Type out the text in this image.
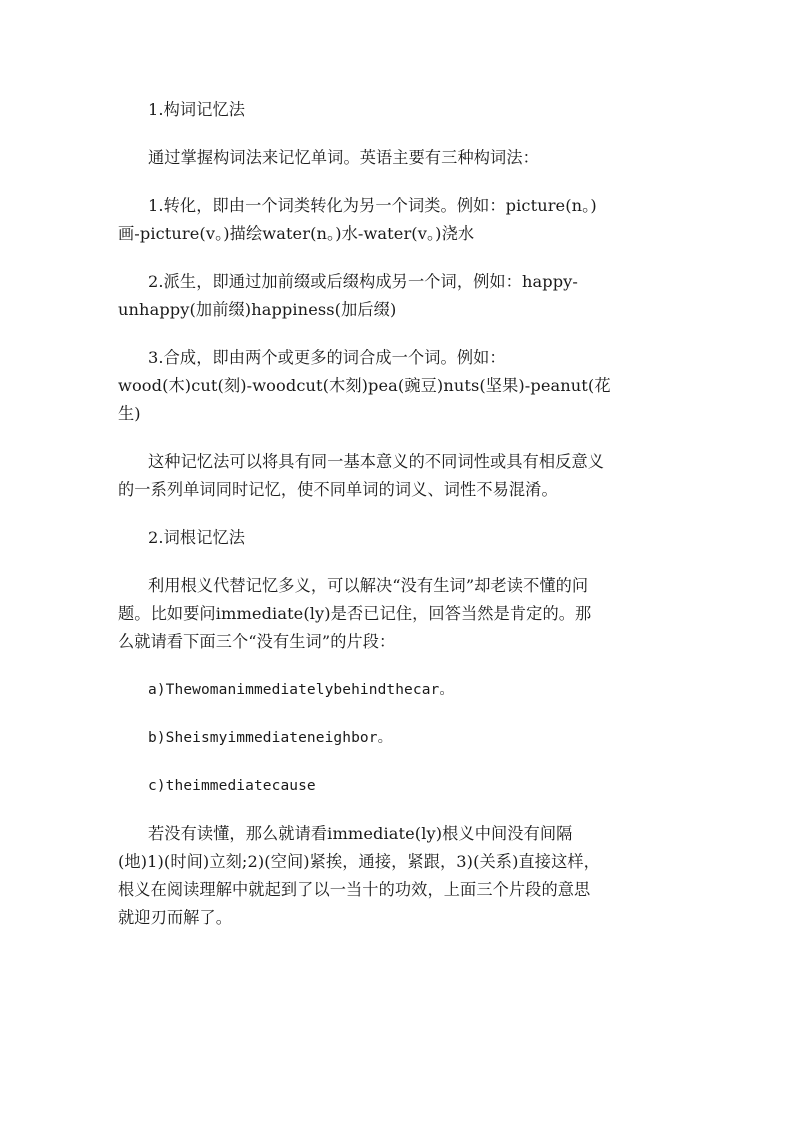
1.构词记忆法

通过掌握构词法来记忆单词。英语主要有三种构词法：

1.转化，即由一个词类转化为另一个词类。例如：picture(n。)
画-picture(v。)描绘water(n。)水-water(v。)浇水

2.派生，即通过加前缀或后缀构成另一个词，例如：happy-
unhappy(加前缀)happiness(加后缀)

3.合成，即由两个或更多的词合成一个词。例如：
wood(木)cut(刻)-woodcut(木刻)pea(豌豆)nuts(坚果)-peanut(花
生)

这种记忆法可以将具有同一基本意义的不同词性或具有相反意义
的一系列单词同时记忆，使不同单词的词义、词性不易混淆。

2.词根记忆法

利用根义代替记忆多义，可以解决“没有生词”却老读不懂的问
题。比如要问immediate(ly)是否已记住，回答当然是肯定的。那
么就请看下面三个“没有生词”的片段：

a)Thewomanimmediatelybehindthecar。

b)Sheismyimmediateneighbor。

c)theimmediatecause

若没有读懂，那么就请看immediate(ly)根义中间没有间隔
(地)1)(时间)立刻;2)(空间)紧挨，通接，紧跟，3)(关系)直接这样，
根义在阅读理解中就起到了以一当十的功效，上面三个片段的意思
就迎刃而解了。
